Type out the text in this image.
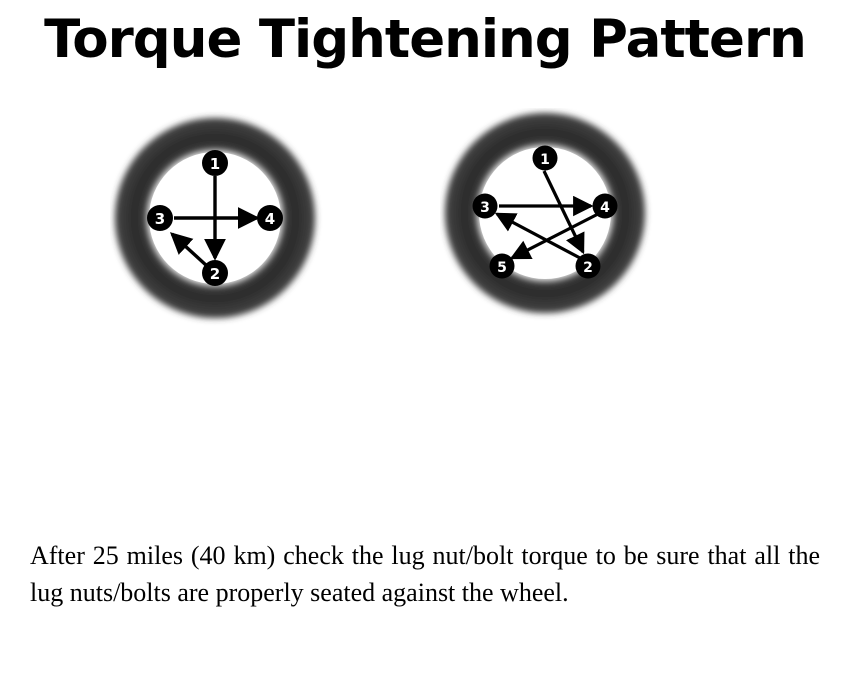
Torque Tightening Pattern
1
2
3	4
1
2
3	4
5

After 25 miles (40 km) check the lug nut/bolt torque to be sure that all the lug nuts/bolts are properly seated against the wheel.
